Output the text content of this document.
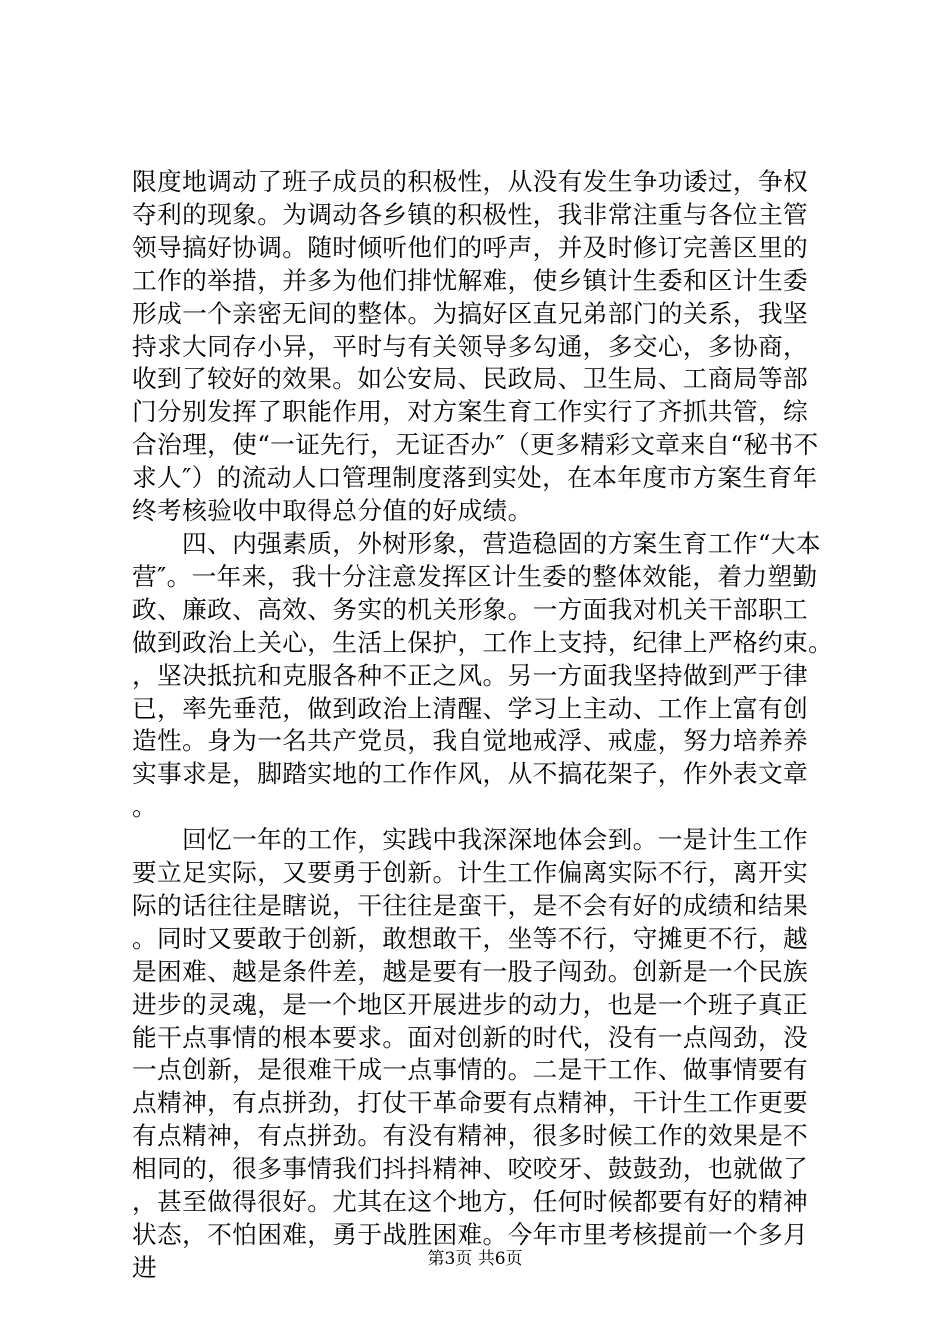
限度地调动了班子成员的积极性，从没有发生争功诿过，争权夺利的现象。为调动各乡镇的积极性，我非常注重与各位主管领导搞好协调。随时倾听他们的呼声，并及时修订完善区里的工作的举措，并多为他们排忧解难，使乡镇计生委和区计生委形成一个亲密无间的整体。为搞好区直兄弟部门的关系，我坚持求大同存小异，平时与有关领导多勾通，多交心，多协商，收到了较好的效果。如公安局、民政局、卫生局、工商局等部门分别发挥了职能作用，对方案生育工作实行了齐抓共管，综合治理，使“一证先行，无证否办″（更多精彩文章来自“秘书不求人″）的流动人口管理制度落到实处，在本年度市方案生育年终考核验收中取得总分值的好成绩。

四、内强素质，外树形象，营造稳固的方案生育工作“大本营″。一年来，我十分注意发挥区计生委的整体效能，着力塑勤政、廉政、高效、务实的机关形象。一方面我对机关干部职工做到政治上关心，生活上保护，工作上支持，纪律上严格约束。，坚决抵抗和克服各种不正之风。另一方面我坚持做到严于律已，率先垂范，做到政治上清醒、学习上主动、工作上富有创造性。身为一名共产党员，我自觉地戒浮、戒虚，努力培养养实事求是，脚踏实地的工作作风，从不搞花架子，作外表文章。

回忆一年的工作，实践中我深深地体会到。一是计生工作要立足实际，又要勇于创新。计生工作偏离实际不行，离开实际的话往往是瞎说，干往往是蛮干，是不会有好的成绩和结果。同时又要敢于创新，敢想敢干，坐等不行，守摊更不行，越是困难、越是条件差，越是要有一股子闯劲。创新是一个民族进步的灵魂，是一个地区开展进步的动力，也是一个班子真正能干点事情的根本要求。面对创新的时代，没有一点闯劲，没一点创新，是很难干成一点事情的。二是干工作、做事情要有点精神，有点拼劲，打仗干革命要有点精神，干计生工作更要有点精神，有点拼劲。有没有精神，很多时候工作的效果是不相同的，很多事情我们抖抖精神、咬咬牙、鼓鼓劲，也就做了，甚至做得很好。尤其在这个地方，任何时候都要有好的精神状态，不怕困难，勇于战胜困难。今年市里考核提前一个多月进	第3页 共6页
